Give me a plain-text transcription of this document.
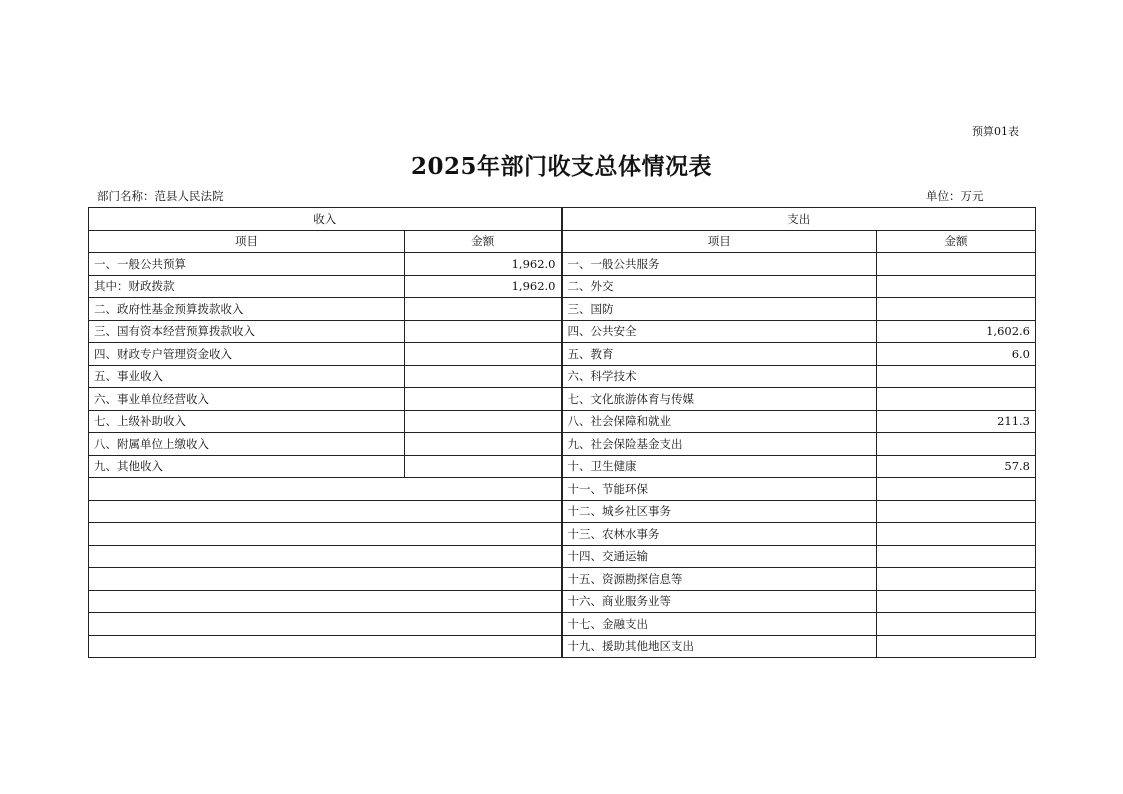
预算01表
2025年部门收支总体情况表
部门名称：范县人民法院	单位：万元
收入		支出	
项目	金额	项目	金额
一、一般公共预算	1,962.0	一、一般公共服务	
其中：财政拨款	1,962.0	二、外交	
二、政府性基金预算拨款收入		三、国防	
三、国有资本经营预算拨款收入		四、公共安全	1,602.6
四、财政专户管理资金收入		五、教育	6.0
五、事业收入		六、科学技术	
六、事业单位经营收入		七、文化旅游体育与传媒	
七、上级补助收入		八、社会保障和就业	211.3
八、附属单位上缴收入		九、社会保险基金支出	
九、其他收入		十、卫生健康	57.8
		十一、节能环保	
		十二、城乡社区事务	
		十三、农林水事务	
		十四、交通运输	
		十五、资源勘探信息等	
		十六、商业服务业等	
		十七、金融支出	
		十九、援助其他地区支出	
